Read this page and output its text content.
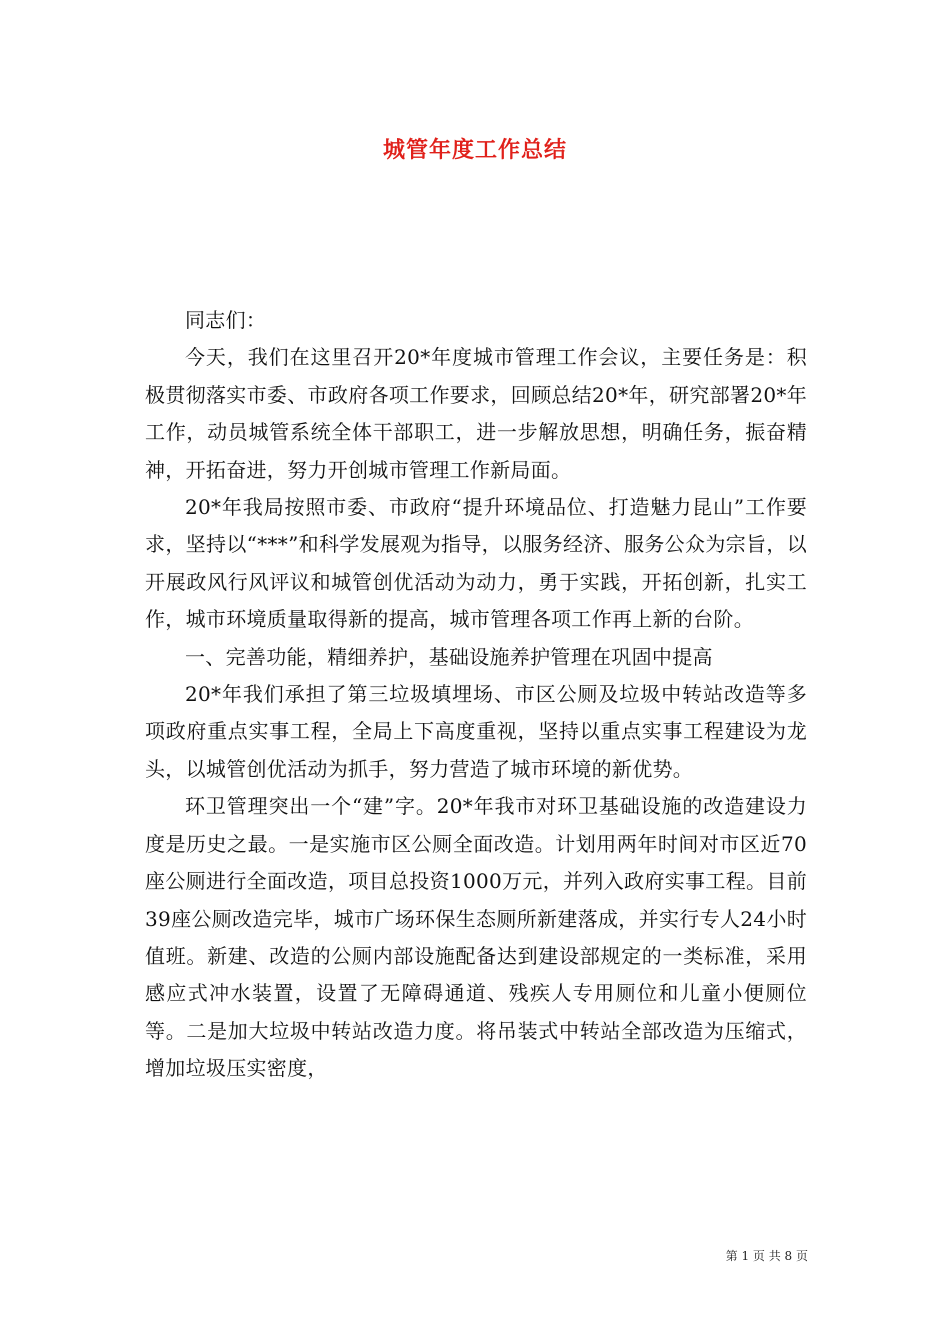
城管年度工作总结

同志们：

今天，我们在这里召开20*年度城市管理工作会议，主要任务是：积极贯彻落实市委、市政府各项工作要求，回顾总结20*年，研究部署20*年工作，动员城管系统全体干部职工，进一步解放思想，明确任务，振奋精神，开拓奋进，努力开创城市管理工作新局面。

20*年我局按照市委、市政府“提升环境品位、打造魅力昆山”工作要求，坚持以“***”和科学发展观为指导，以服务经济、服务公众为宗旨，以开展政风行风评议和城管创优活动为动力，勇于实践，开拓创新，扎实工作，城市环境质量取得新的提高，城市管理各项工作再上新的台阶。

一、完善功能，精细养护，基础设施养护管理在巩固中提高

20*年我们承担了第三垃圾填埋场、市区公厕及垃圾中转站改造等多项政府重点实事工程，全局上下高度重视，坚持以重点实事工程建设为龙头，以城管创优活动为抓手，努力营造了城市环境的新优势。

环卫管理突出一个“建”字。20*年我市对环卫基础设施的改造建设力度是历史之最。一是实施市区公厕全面改造。计划用两年时间对市区近70座公厕进行全面改造，项目总投资1000万元，并列入政府实事工程。目前39座公厕改造完毕，城市广场环保生态厕所新建落成，并实行专人24小时值班。新建、改造的公厕内部设施配备达到建设部规定的一类标准，采用感应式冲水装置，设置了无障碍通道、残疾人专用厕位和儿童小便厕位等。二是加大垃圾中转站改造力度。将吊装式中转站全部改造为压缩式，增加垃圾压实密度，

第 1 页 共 8 页
